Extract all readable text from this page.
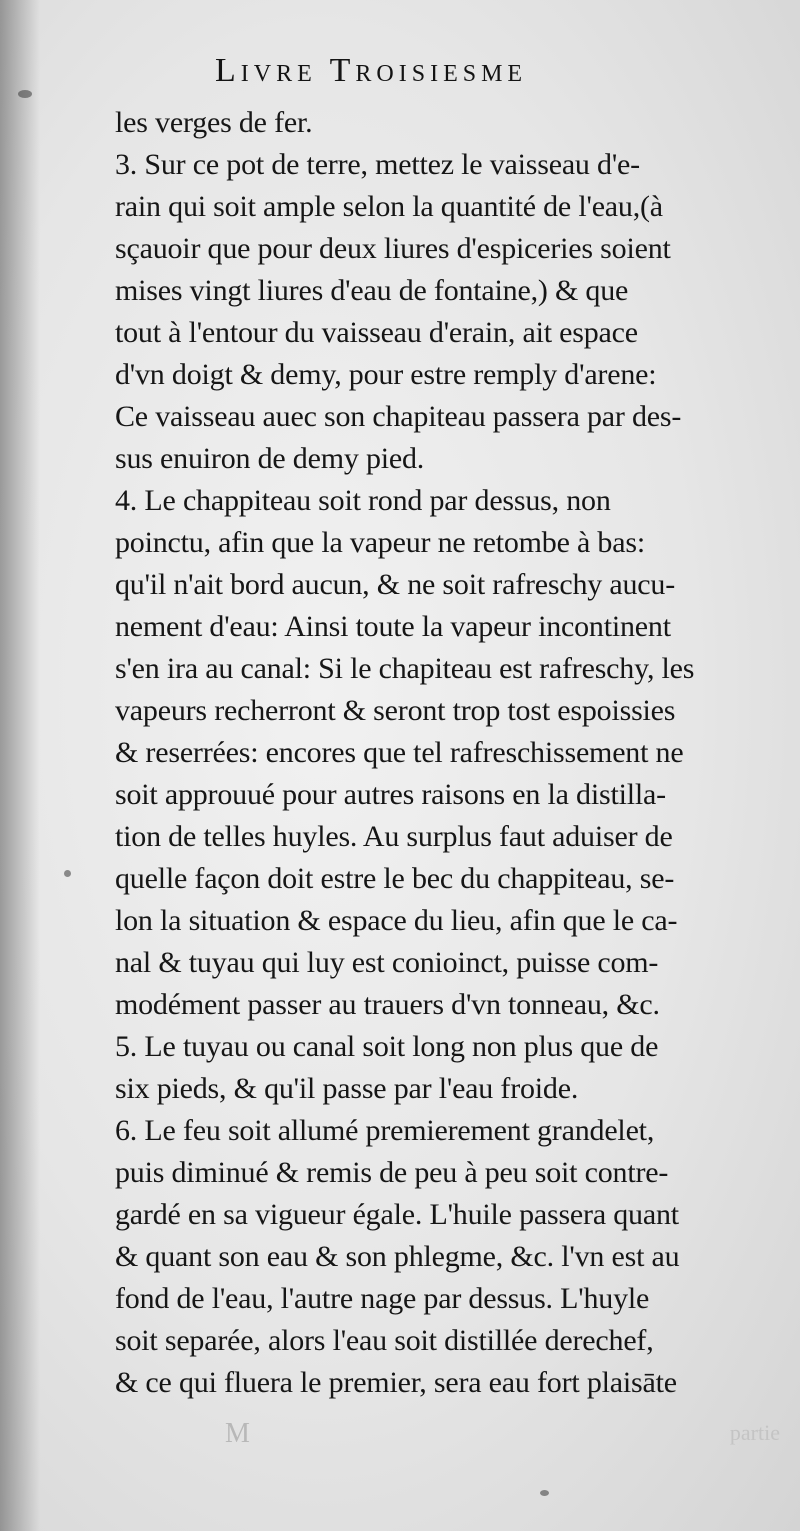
Livre Troisiesme
les verges de fer.
3. Sur ce pot de terre, mettez le vaisseau d'e-
rain qui soit ample selon la quantité de l'eau,(à
sçauoir que pour deux liures d'espiceries soient
mises vingt liures d'eau de fontaine,) & que
tout à l'entour du vaisseau d'erain, ait espace
d'vn doigt & demy, pour estre remply d'arene:
Ce vaisseau auec son chapiteau passera par des-
sus enuiron de demy pied.
4. Le chappiteau soit rond par dessus, non
poinctu, afin que la vapeur ne retombe à bas:
qu'il n'ait bord aucun, & ne soit rafreschy aucu-
nement d'eau: Ainsi toute la vapeur incontinent
s'en ira au canal: Si le chapiteau est rafreschy, les
vapeurs recherront & seront trop tost espoissies
& reserrées: encores que tel rafreschissement ne
soit approuué pour autres raisons en la distilla-
tion de telles huyles. Au surplus faut aduiser de
quelle façon doit estre le bec du chappiteau, se-
lon la situation & espace du lieu, afin que le ca-
nal & tuyau qui luy est conioinct, puisse com-
modément passer au trauers d'vn tonneau, &c.
5. Le tuyau ou canal soit long non plus que de
six pieds, & qu'il passe par l'eau froide.
6. Le feu soit allumé premierement grandelet,
puis diminué & remis de peu à peu soit contre-
gardé en sa vigueur égale. L'huile passera quant
& quant son eau & son phlegme, &c. l'vn est au
fond de l'eau, l'autre nage par dessus. L'huyle
soit separée, alors l'eau soit distillée derechef,
& ce qui fluera le premier, sera eau fort plaisāte
M	partie
